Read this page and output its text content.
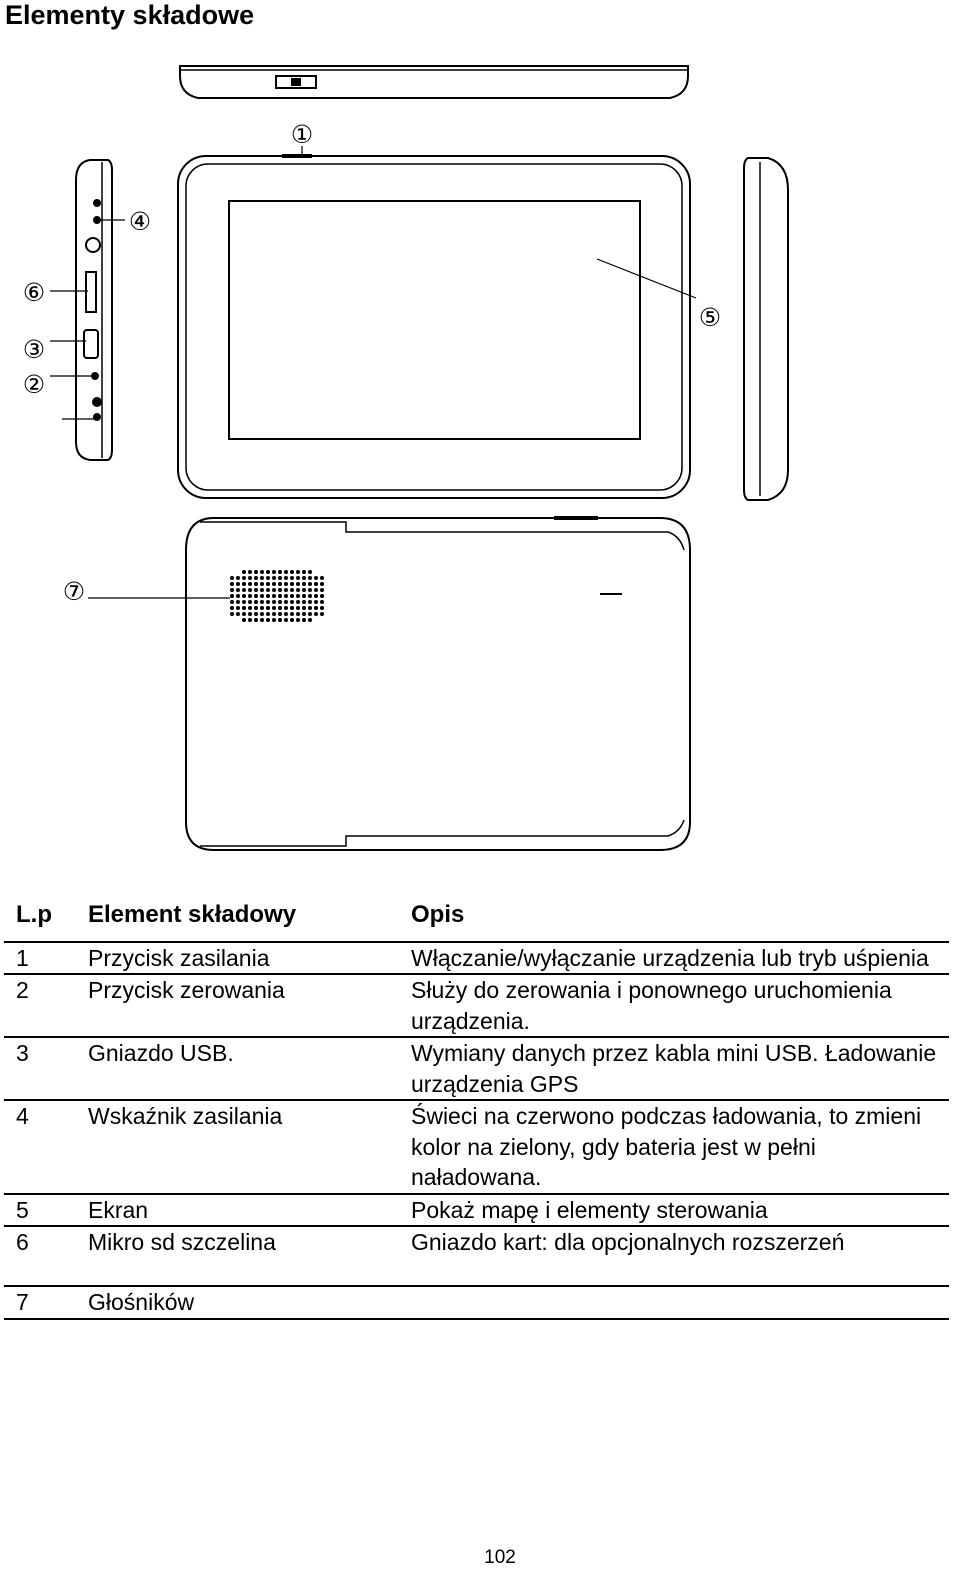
Elementy składowe
①
②
③
④
⑤
⑥
⑦
L.p	Element składowy	Opis
1	Przycisk zasilania	Włączanie/wyłączanie urządzenia lub tryb uśpienia
2	Przycisk zerowania	Służy do zerowania i ponownego uruchomienia urządzenia.
3	Gniazdo USB.	Wymiany danych przez kabla mini USB. Ładowanie urządzenia GPS
4	Wskaźnik zasilania	Świeci na czerwono podczas ładowania, to zmieni kolor na zielony, gdy bateria jest w pełni naładowana.
5	Ekran	Pokaż mapę i elementy sterowania
6	Mikro sd szczelina	Gniazdo kart: dla opcjonalnych rozszerzeń
7	Głośników	
102
